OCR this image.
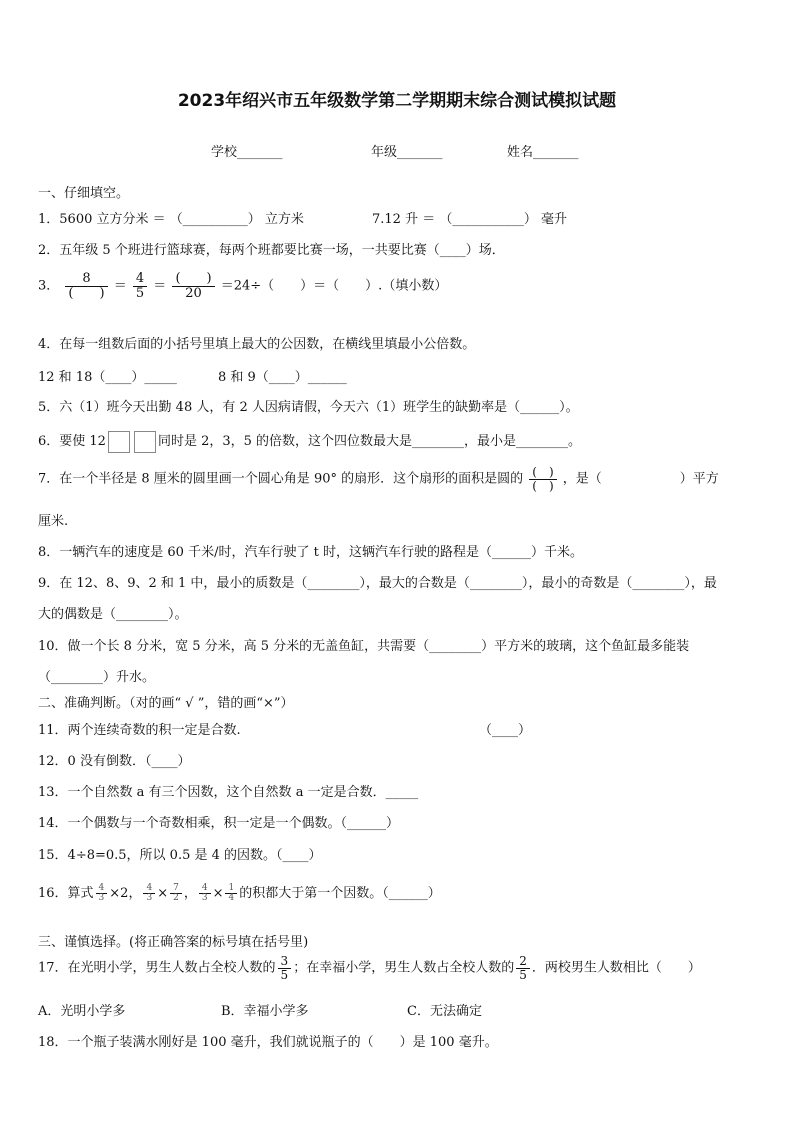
2023年绍兴市五年级数学第二学期期末综合测试模拟试题
学校_______	年级_______	姓名_______
一、仔细填空。
1．5600 立方分米 ＝ （__________） 立方米	7.12 升 ＝ （___________） 毫升
2．五年级 5 个班进行篮球赛，每两个班都要比赛一场，一共要比赛（____）场．
3． $\frac{8}{( )} = \frac{4}{5} = \frac{( )}{20} =24\div$（　　）＝（　　）.（填小数）
4．在每一组数后面的小括号里填上最大的公因数，在横线里填最小公倍数。
12 和 18（____）_____	8 和 9（____）______
5．六（1）班今天出勤 48 人，有 2 人因病请假，今天六（1）班学生的缺勤率是（______）。
6．要使 12	同时是 2，3，5 的倍数，这个四位数最大是________，最小是________。
7．在一个半径是 8 厘米的圆里画一个圆心角是 90° 的扇形．这个扇形的面积是圆的 $\frac{( )}{( )}$ ，是（　　　　　　）平方
厘米.
8．一辆汽车的速度是 60 千米/时，汽车行驶了 t 时，这辆汽车行驶的路程是（______）千米。
9．在 12、8、9、2 和 1 中，最小的质数是（________），最大的合数是（________），最小的奇数是（________），最
大的偶数是（________）。
10．做一个长 8 分米，宽 5 分米，高 5 分米的无盖鱼缸，共需要（________）平方米的玻璃，这个鱼缸最多能装
（________）升水。
二、准确判断。（对的画“ √ ”，错的画“×”）
11．两个连续奇数的积一定是合数.	（____）
12．0 没有倒数．（____）
13．一个自然数 a 有三个因数，这个自然数 a 一定是合数．_____
14．一个偶数与一个奇数相乘，积一定是一个偶数。（______）
15．4÷8=0.5，所以 0.5 是 4 的因数。（____）
16．算式 $\frac{4}{3} \times 2$， $\frac{4}{3} \times \frac{7}{2}$ ， $\frac{4}{3} \times \frac{1}{4}$ 的积都大于第一个因数。（______）
三、谨慎选择。(将正确答案的标号填在括号里)
17．在光明小学，男生人数占全校人数的 $\frac{3}{5}$ ；在幸福小学，男生人数占全校人数的 $\frac{2}{5}$ ．两校男生人数相比（　　）
A．光明小学多	B．幸福小学多	C．无法确定
18．一个瓶子装满水刚好是 100 毫升，我们就说瓶子的（　　）是 100 毫升。
